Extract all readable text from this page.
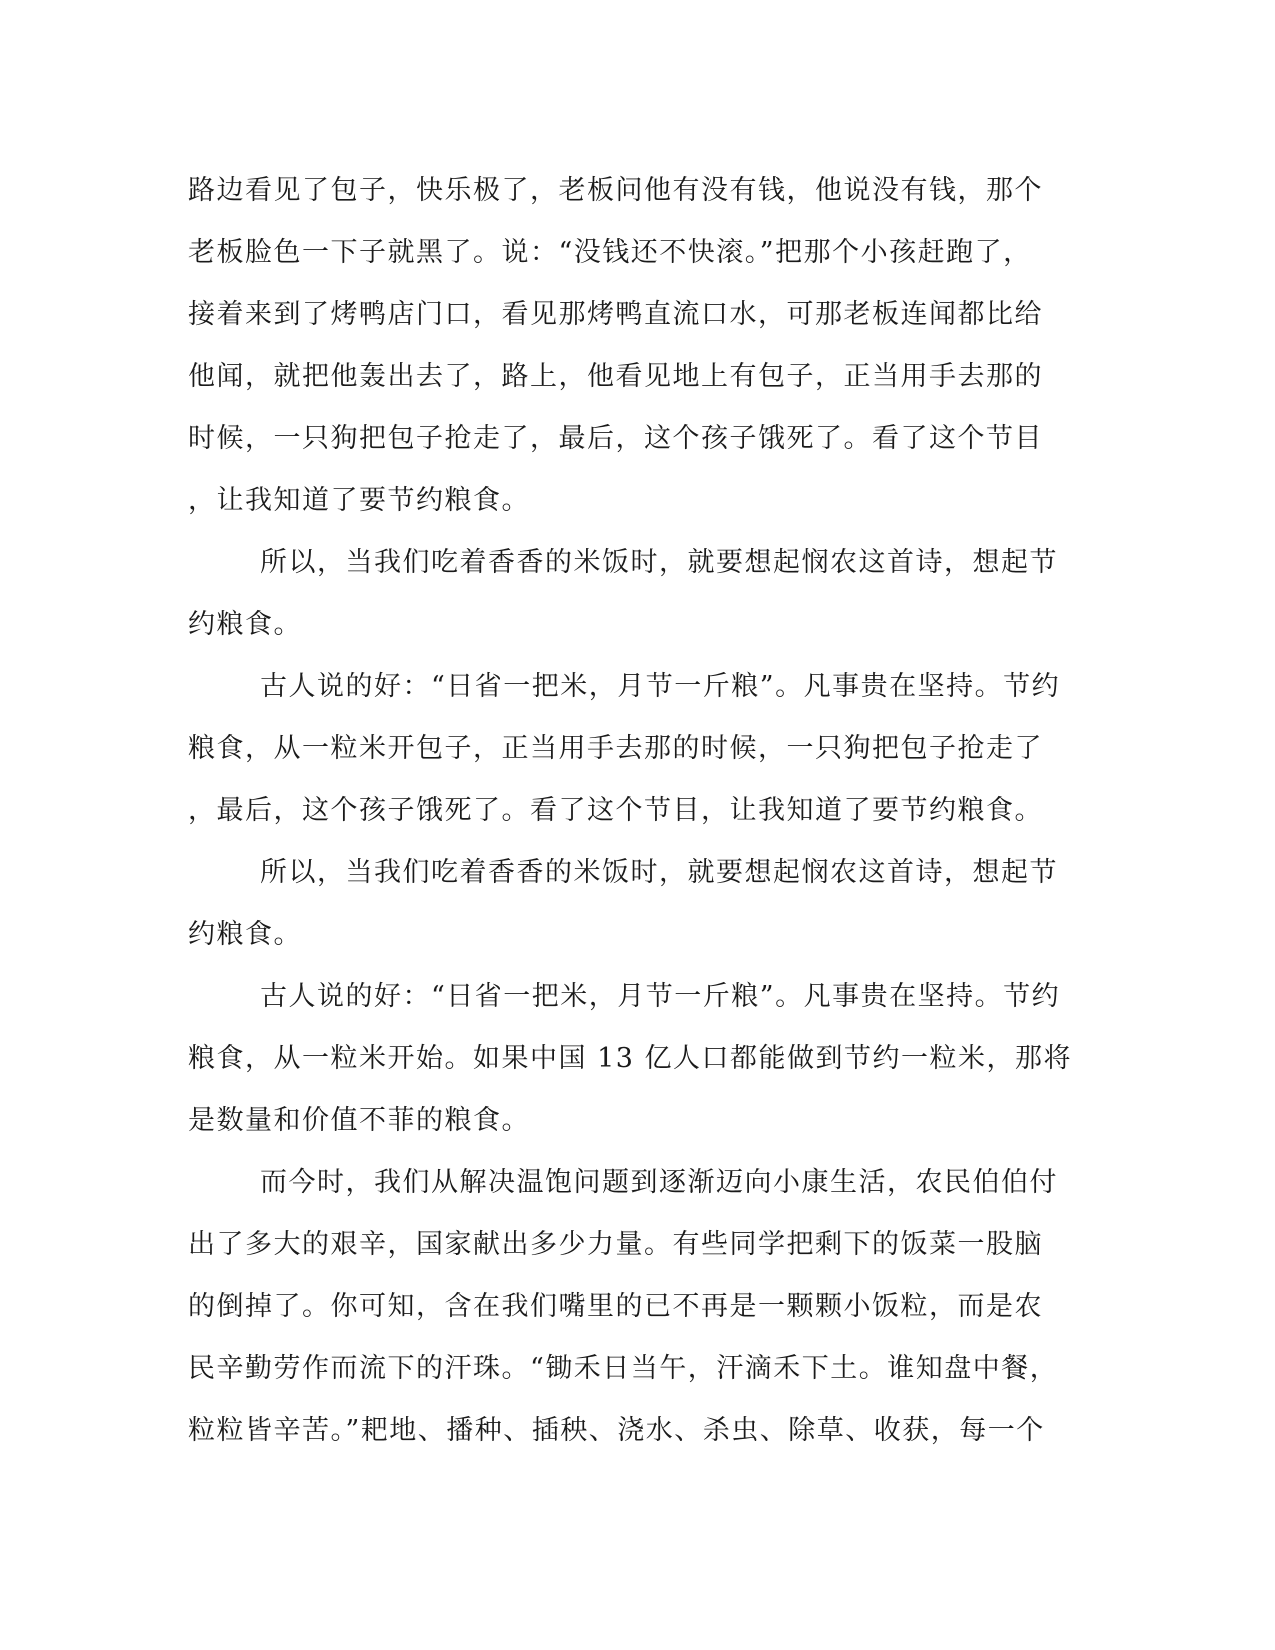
路边看见了包子，快乐极了，老板问他有没有钱，他说没有钱，那个
老板脸色一下子就黑了。说：“没钱还不快滚。”把那个小孩赶跑了，
接着来到了烤鸭店门口，看见那烤鸭直流口水，可那老板连闻都比给
他闻，就把他轰出去了，路上，他看见地上有包子，正当用手去那的
时候，一只狗把包子抢走了，最后，这个孩子饿死了。看了这个节目
，让我知道了要节约粮食。
所以，当我们吃着香香的米饭时，就要想起悯农这首诗，想起节
约粮食。
古人说的好：“日省一把米，月节一斤粮”。凡事贵在坚持。节约
粮食，从一粒米开包子，正当用手去那的时候，一只狗把包子抢走了
，最后，这个孩子饿死了。看了这个节目，让我知道了要节约粮食。
所以，当我们吃着香香的米饭时，就要想起悯农这首诗，想起节
约粮食。
古人说的好：“日省一把米，月节一斤粮”。凡事贵在坚持。节约
粮食，从一粒米开始。如果中国 13 亿人口都能做到节约一粒米，那将
是数量和价值不菲的粮食。
而今时，我们从解决温饱问题到逐渐迈向小康生活，农民伯伯付
出了多大的艰辛，国家献出多少力量。有些同学把剩下的饭菜一股脑
的倒掉了。你可知，含在我们嘴里的已不再是一颗颗小饭粒，而是农
民辛勤劳作而流下的汗珠。“锄禾日当午，汗滴禾下土。谁知盘中餐，
粒粒皆辛苦。”耙地、播种、插秧、浇水、杀虫、除草、收获，每一个
